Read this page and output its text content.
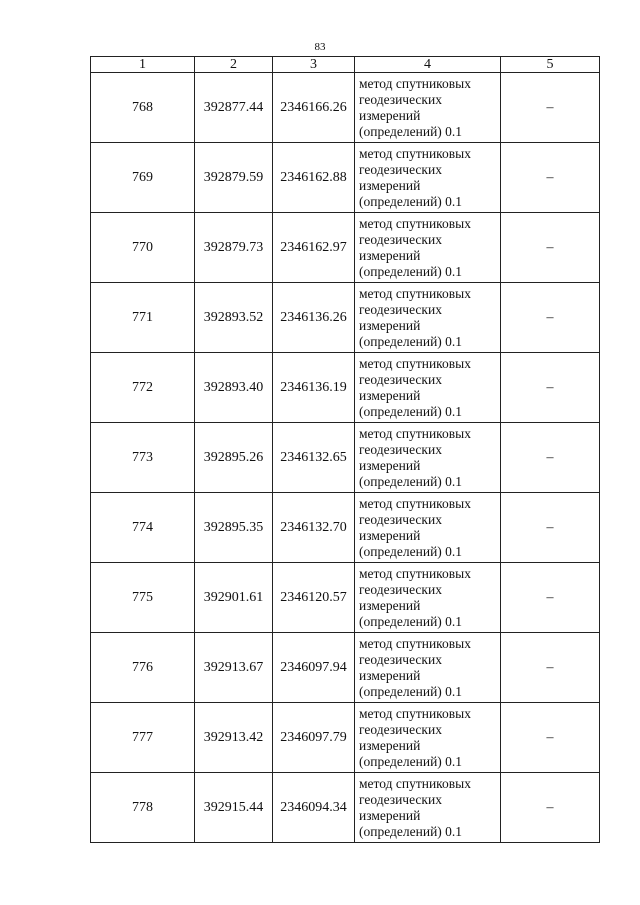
83
1	2	3	4	5
768	392877.44	2346166.26	метод спутниковых
геодезических
измерений
(определений) 0.1	–
769	392879.59	2346162.88	метод спутниковых
геодезических
измерений
(определений) 0.1	–
770	392879.73	2346162.97	метод спутниковых
геодезических
измерений
(определений) 0.1	–
771	392893.52	2346136.26	метод спутниковых
геодезических
измерений
(определений) 0.1	–
772	392893.40	2346136.19	метод спутниковых
геодезических
измерений
(определений) 0.1	–
773	392895.26	2346132.65	метод спутниковых
геодезических
измерений
(определений) 0.1	–
774	392895.35	2346132.70	метод спутниковых
геодезических
измерений
(определений) 0.1	–
775	392901.61	2346120.57	метод спутниковых
геодезических
измерений
(определений) 0.1	–
776	392913.67	2346097.94	метод спутниковых
геодезических
измерений
(определений) 0.1	–
777	392913.42	2346097.79	метод спутниковых
геодезических
измерений
(определений) 0.1	–
778	392915.44	2346094.34	метод спутниковых
геодезических
измерений
(определений) 0.1	–
